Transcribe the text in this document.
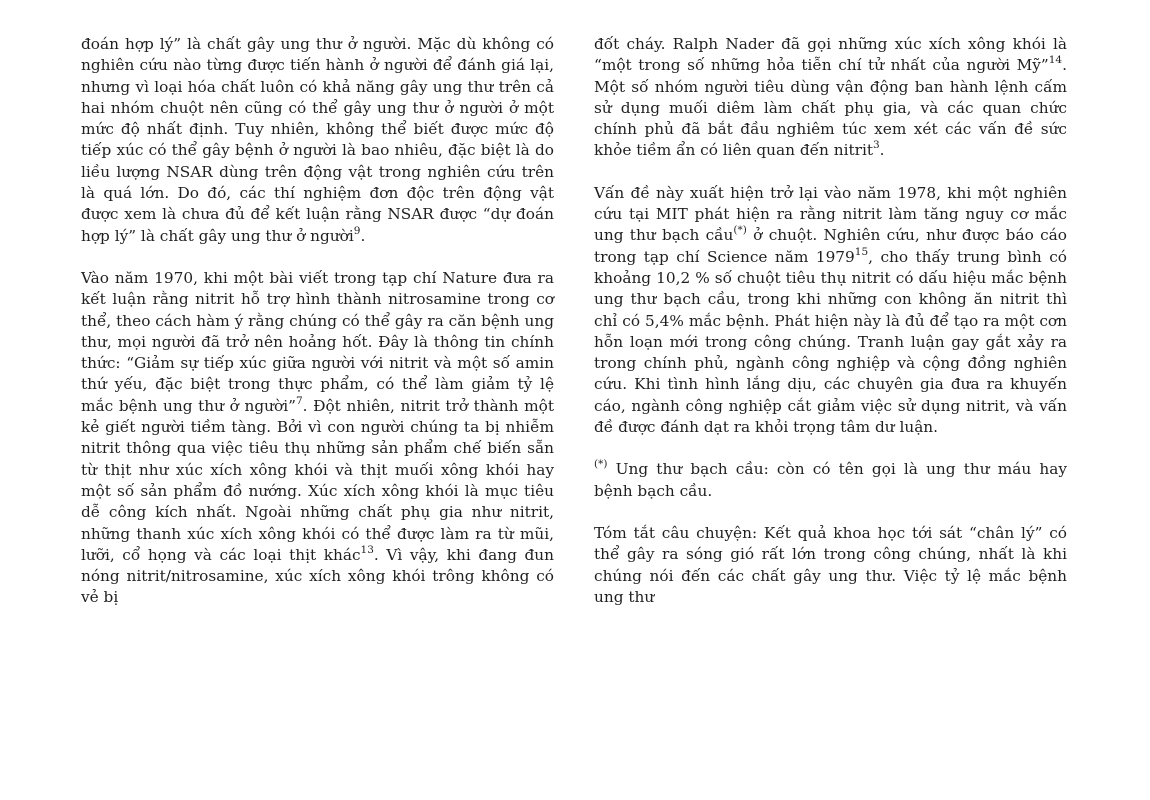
đoán hợp lý” là chất gây ung thư ở người. Mặc dù không có nghiên cứu nào từng được tiến hành ở người để đánh giá lại, nhưng vì loại hóa chất luôn có khả năng gây ung thư trên cả hai nhóm chuột nên cũng có thể gây ung thư ở người ở một mức độ nhất định. Tuy nhiên, không thể biết được mức độ tiếp xúc có thể gây bệnh ở người là bao nhiêu, đặc biệt là do liều lượng NSAR dùng trên động vật trong nghiên cứu trên là quá lớn. Do đó, các thí nghiệm đơn độc trên động vật được xem là chưa đủ để kết luận rằng NSAR được “dự đoán hợp lý” là chất gây ung thư ở người$^9$.

Vào năm 1970, khi một bài viết trong tạp chí Nature đưa ra kết luận rằng nitrit hỗ trợ hình thành nitrosamine trong cơ thể, theo cách hàm ý rằng chúng có thể gây ra căn bệnh ung thư, mọi người đã trở nên hoảng hốt. Đây là thông tin chính thức: “Giảm sự tiếp xúc giữa người với nitrit và một số amin thứ yếu, đặc biệt trong thực phẩm, có thể làm giảm tỷ lệ mắc bệnh ung thư ở người”$^7$. Đột nhiên, nitrit trở thành một kẻ giết người tiềm tàng. Bởi vì con người chúng ta bị nhiễm nitrit thông qua việc tiêu thụ những sản phẩm chế biến sẵn từ thịt như xúc xích xông khói và thịt muối xông khói hay một số sản phẩm đồ nướng. Xúc xích xông khói là mục tiêu dễ công kích nhất. Ngoài những chất phụ gia như nitrit, những thanh xúc xích xông khói có thể được làm ra từ mũi, lưỡi, cổ họng và các loại thịt khác$^{13}$. Vì vậy, khi đang đun nóng nitrit/nitrosamine, xúc xích xông khói trông không có vẻ bị

đốt cháy. Ralph Nader đã gọi những xúc xích xông khói là “một trong số những hỏa tiễn chí tử nhất của người Mỹ”$^{14}$. Một số nhóm người tiêu dùng vận động ban hành lệnh cấm sử dụng muối diêm làm chất phụ gia, và các quan chức chính phủ đã bắt đầu nghiêm túc xem xét các vấn đề sức khỏe tiềm ẩn có liên quan đến nitrit$^3$.

Vấn đề này xuất hiện trở lại vào năm 1978, khi một nghiên cứu tại MIT phát hiện ra rằng nitrit làm tăng nguy cơ mắc ung thư bạch cầu(*) ở chuột. Nghiên cứu, như được báo cáo trong tạp chí Science năm 1979$^{15}$, cho thấy trung bình có khoảng 10,2 % số chuột tiêu thụ nitrit có dấu hiệu mắc bệnh ung thư bạch cầu, trong khi những con không ăn nitrit thì chỉ có 5,4% mắc bệnh. Phát hiện này là đủ để tạo ra một cơn hỗn loạn mới trong công chúng. Tranh luận gay gắt xảy ra trong chính phủ, ngành công nghiệp và cộng đồng nghiên cứu. Khi tình hình lắng dịu, các chuyên gia đưa ra khuyến cáo, ngành công nghiệp cắt giảm việc sử dụng nitrit, và vấn đề được đánh dạt ra khỏi trọng tâm dư luận.

(*) Ung thư bạch cầu: còn có tên gọi là ung thư máu hay bệnh bạch cầu.

Tóm tắt câu chuyện: Kết quả khoa học tới sát “chân lý” có thể gây ra sóng gió rất lớn trong công chúng, nhất là khi chúng nói đến các chất gây ung thư. Việc tỷ lệ mắc bệnh ung thư
